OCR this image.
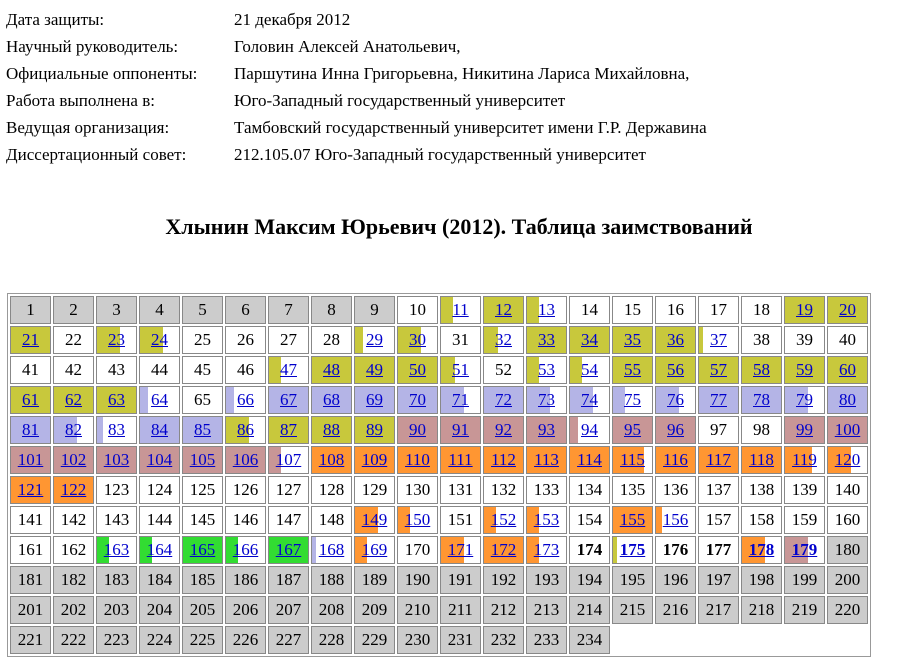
Дата защиты:	21 декабря 2012
Научный руководитель:	Головин Алексей Анатольевич,
Официальные оппоненты:	Паршутина Инна Григорьевна, Никитина Лариса Михайловна,
Работа выполнена в:	Юго-Западный государственный университет
Ведущая организация:	Тамбовский государственный университет имени Г.Р. Державина
Диссертационный совет:	212.105.07 Юго-Западный государственный университет
Хлынин Максим Юрьевич (2012). Таблица заимствований
1	2	3	4	5	6	7	8	9	10	11	12	13	14	15	16	17	18	19	20

21	22	23	24	25	26	27	28	29	30	31	32	33	34	35	36	37	38	39	40
41	42	43	44	45	46	47	48	49	50	51	52	53	54	55	56	57	58	59	60

61	62	63	64	65	66	67	68	69	70	71	72	73	74	75	76	77	78	79	80

81	82	83	84	85	86	87	88	89	90	91	92	93	94	95	96	97	98	99	100

101	102	103	104	105	106	107	108	109	110	111	112	113	114	115	116	117	118	119	120

121	122	123	124	125	126	127	128	129	130	131	132	133	134	135	136	137	138	139	140
141	142	143	144	145	146	147	148	149	150	151	152	153	154	155	156	157	158	159	160
161	162	163	164	165	166	167	168	169	170	171	172	173	174	175	176	177	178	179	180
181	182	183	184	185	186	187	188	189	190	191	192	193	194	195	196	197	198	199	200
201	202	203	204	205	206	207	208	209	210	211	212	213	214	215	216	217	218	219	220
221	222	223	224	225	226	227	228	229	230	231	232	233	234						
